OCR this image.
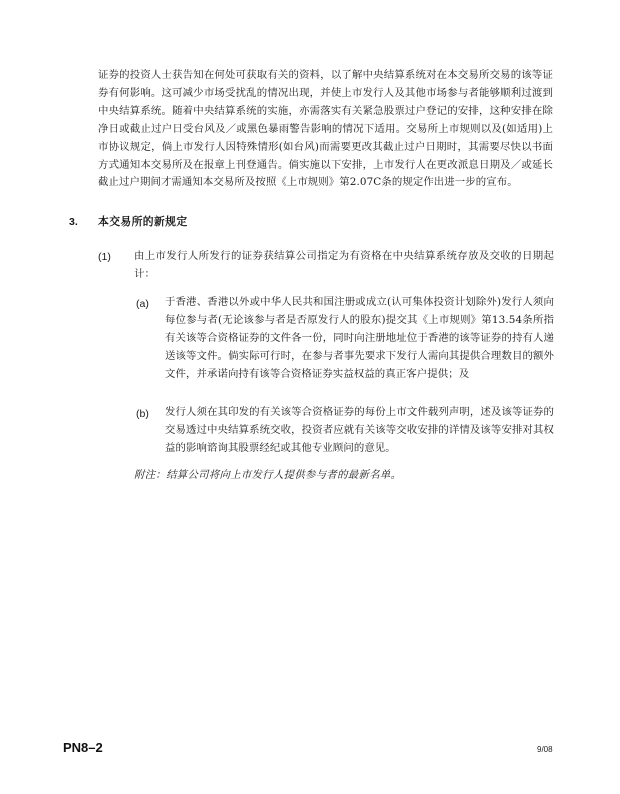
证券的投资人士获告知在何处可获取有关的资料，以了解中央结算系统对在本交易所交易的该等证券有何影响。这可减少市场受扰乱的情况出现，并使上市发行人及其他市场参与者能够顺利过渡到中央结算系统。随着中央结算系统的实施，亦需落实有关紧急股票过户登记的安排，这种安排在除净日或截止过户日受台风及／或黑色暴雨警告影响的情况下适用。交易所上市规则以及(如适用)上市协议规定，倘上市发行人因特殊情形(如台风)而需要更改其截止过户日期时，其需要尽快以书面方式通知本交易所及在报章上刊登通告。倘实施以下安排，上市发行人在更改派息日期及／或延长截止过户期间才需通知本交易所及按照《上市规则》第2.07C条的规定作出进一步的宣布。

3. 本交易所的新规定
(1) 由上市发行人所发行的证券获结算公司指定为有资格在中央结算系统存放及交收的日期起计：

(a) 于香港、香港以外或中华人民共和国注册或成立(认可集体投资计划除外)发行人须向每位参与者(无论该参与者是否原发行人的股东)提交其《上市规则》第13.54条所指有关该等合资格证券的文件各一份，同时向注册地址位于香港的该等证券的持有人递送该等文件。倘实际可行时，在参与者事先要求下发行人需向其提供合理数目的额外文件，并承诺向持有该等合资格证券实益权益的真正客户提供；及

(b) 发行人须在其印发的有关该等合资格证券的每份上市文件载列声明，述及该等证券的交易透过中央结算系统交收，投资者应就有关该等交收安排的详情及该等安排对其权益的影响谘询其股票经纪或其他专业顾问的意见。

附注：结算公司将向上市发行人提供参与者的最新名单。
PN8–2	9/08
